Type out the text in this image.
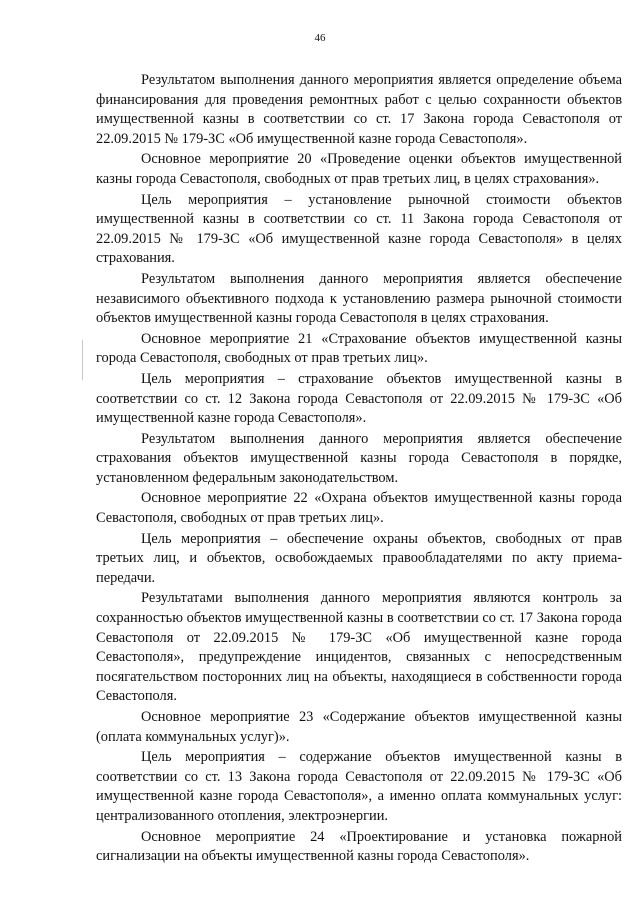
46

Результатом выполнения данного мероприятия является определение объема финансирования для проведения ремонтных работ с целью сохранности объектов имущественной казны в соответствии со ст. 17 Закона города Севастополя от 22.09.2015 № 179-ЗС «Об имущественной казне города Севастополя».

Основное мероприятие 20 «Проведение оценки объектов имущественной казны города Севастополя, свободных от прав третьих лиц, в целях страхования».

Цель мероприятия – установление рыночной стоимости объектов имущественной казны в соответствии со ст. 11 Закона города Севастополя от 22.09.2015 № 179-ЗС «Об имущественной казне города Севастополя» в целях страхования.

Результатом выполнения данного мероприятия является обеспечение независимого объективного подхода к установлению размера рыночной стоимости объектов имущественной казны города Севастополя в целях страхования.

Основное мероприятие 21 «Страхование объектов имущественной казны города Севастополя, свободных от прав третьих лиц».

Цель мероприятия – страхование объектов имущественной казны в соответствии со ст. 12 Закона города Севастополя от 22.09.2015 № 179-ЗС «Об имущественной казне города Севастополя».

Результатом выполнения данного мероприятия является обеспечение страхования объектов имущественной казны города Севастополя в порядке, установленном федеральным законодательством.

Основное мероприятие 22 «Охрана объектов имущественной казны города Севастополя, свободных от прав третьих лиц».

Цель мероприятия – обеспечение охраны объектов, свободных от прав третьих лиц, и объектов, освобождаемых правообладателями по акту приема-передачи.

Результатами выполнения данного мероприятия являются контроль за сохранностью объектов имущественной казны в соответствии со ст. 17 Закона города Севастополя от 22.09.2015 № 179-ЗС «Об имущественной казне города Севастополя», предупреждение инцидентов, связанных с непосредственным посягательством посторонних лиц на объекты, находящиеся в собственности города Севастополя.

Основное мероприятие 23 «Содержание объектов имущественной казны (оплата коммунальных услуг)».

Цель мероприятия – содержание объектов имущественной казны в соответствии со ст. 13 Закона города Севастополя от 22.09.2015 № 179-ЗС «Об имущественной казне города Севастополя», а именно оплата коммунальных услуг: централизованного отопления, электроэнергии.

Основное мероприятие 24 «Проектирование и установка пожарной сигнализации на объекты имущественной казны города Севастополя».
